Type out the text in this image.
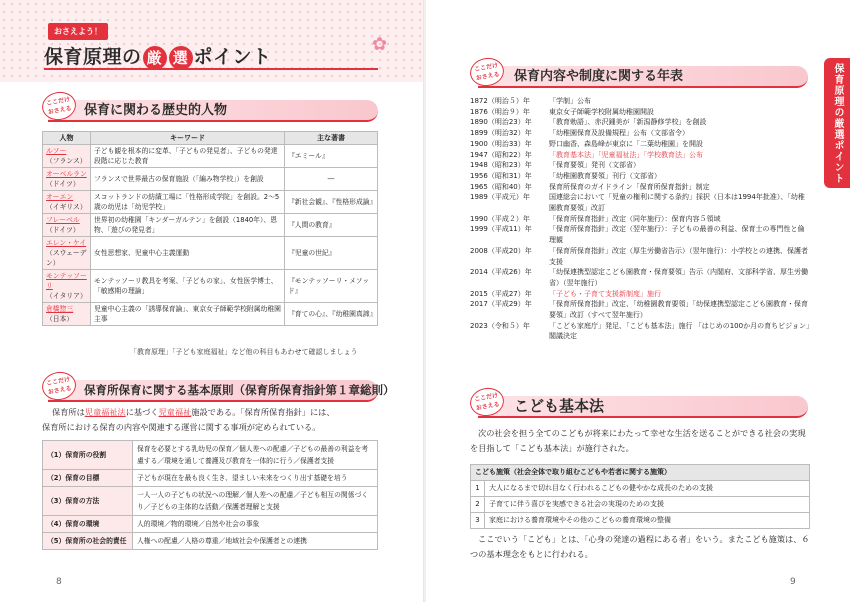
おさえよう！
✿
保育原理の 厳 選 ポイント
保育に関わる歴史的人物
ここだけ
おさえる
人物	キーワード	主な著書
ルソー
（フランス）	子ども観を根本的に変革、「子どもの発見者」、子どもの発達段階に応じた教育	『エミール』
オーベルラン
（ドイツ）	フランスで世界最古の保育施設（「編み物学校」）を創設	―
オーエン
（イギリス）	スコットランドの紡績工場に「性格形成学院」を創設。2～5歳の幼児は「幼児学校」	『新社会観』、『性格形成論』
フレーベル
（ドイツ）	世界初の幼稚園「キンダーガルテン」を創設（1840年）、恩物、「遊びの発見者」	『人間の教育』
エレン・ケイ
（スウェーデン）	女性思想家、児童中心主義運動	『児童の世紀』
モンテッソーリ
（イタリア）	モンテッソーリ教具を考案、「子どもの家」、女性医学博士、「敏感期の理論」	『モンテッソーリ・メソッド』
倉橋惣三
（日本）	児童中心主義の「誘導保育論」、東京女子師範学校附属幼稚園主事	『育ての心』、『幼稚園真諦』
「教育原理」「子ども家庭福祉」など他の科目もあわせて確認しましょう
保育所保育に関する基本原則（保育所保育指針第１章総則）
ここだけ
おさえる
保育所は児童福祉法に基づく児童福祉施設である。「保育所保育指針」には、
保育所における保育の内容や関連する運営に関する事項が定められている。
（1）保育所の役割	保育を必要とする乳幼児の保育／個人差への配慮／子どもの最善の利益を考慮する／環境を通して養護及び教育を一体的に行う／保護者支援
（2）保育の目標	子どもが現在を最も良く生き、望ましい未来をつくり出す基礎を培う
（3）保育の方法	一人一人の子どもの状況への理解／個人差への配慮／子ども相互の関係づくり／子どもの主体的な活動／保護者理解と支援
（4）保育の環境	人的環境／物的環境／自然や社会の事象
（5）保育所の社会的責任	人権への配慮／人格の尊重／地域社会や保護者との連携
8
保育内容や制度に関する年表
ここだけ
おさえる
1872（明治５）年	「学制」公布
1876（明治９）年	東京女子師範学校附属幼稚園開設
1890（明治23）年	「教育勅語」、赤沢鍾美が「新潟静修学校」を創設
1899（明治32）年	「幼稚園保育及設備規程」公布（文部省令）
1900（明治33）年	野口幽香、森島峰が東京に「二葉幼稚園」を開設
1947（昭和22）年	「教育基本法」「児童福祉法」「学校教育法」公布
1948（昭和23）年	「保育要領」発刊（文部省）
1956（昭和31）年	「幼稚園教育要領」刊行（文部省）
1965（昭和40）年	保育所保育のガイドライン「保育所保育指針」制定
1989（平成元）年	国連総会において「児童の権利に関する条約」採択（日本は1994年批准）、「幼稚園教育要領」改訂
1990（平成２）年	「保育所保育指針」改定（同年施行）：保育内容５領域
1999（平成11）年	「保育所保育指針」改定（翌年施行）：子どもの最善の利益、保育士の専門性と倫理観
2008（平成20）年	「保育所保育指針」改定（厚生労働省告示）（翌年施行）：小学校との連携、保護者支援
2014（平成26）年	「幼保連携型認定こども園教育・保育要領」告示（内閣府、文部科学省、厚生労働省）（翌年施行）
2015（平成27）年	「子ども・子育て支援新制度」施行
2017（平成29）年	「保育所保育指針」改定、「幼稚園教育要領」「幼保連携型認定こども園教育・保育要領」改訂（すべて翌年施行）
2023（令和５）年	「こども家庭庁」発足、「こども基本法」施行 「はじめの100か月の育ちビジョン」閣議決定
こども基本法
ここだけ
おさえる
次の社会を担う全てのこどもが将来にわたって幸せな生活を送ることができる社会の実現を目指して「こども基本法」が施行された。
こども施策（社会全体で取り組むこどもや若者に関する施策）	
1	大人になるまで切れ目なく行われるこどもの健やかな成長のための支援
2	子育てに伴う喜びを実感できる社会の実現のための支援
3	家庭における養育環境やその他のこどもの養育環境の整備
ここでいう「こども」とは、「心身の発達の過程にある者」をいう。またこども施策は、６つの基本理念をもとに行われる。
保育原理の厳選ポイント
9
